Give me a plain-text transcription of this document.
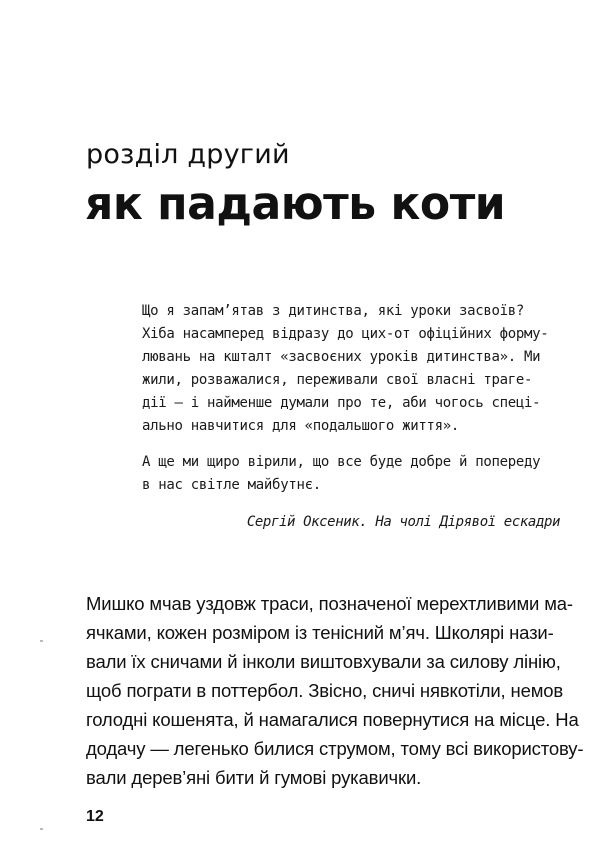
розділ другий
як падають коти
Що я запам’ятав з дитинства, які уроки засвоїв?
Хіба насамперед відразу до цих-от офіційних форму-
лювань на кшталт «засвоєних уроків дитинства». Ми
жили, розважалися, переживали свої власні траге-
дії — і найменше думали про те, аби чогось спеці-
ально навчитися для «подальшого життя».
А ще ми щиро вірили, що все буде добре й попереду
в нас світле майбутнє.
Сергій Оксеник. На чолі Дірявої ескадри
Мишко мчав уздовж траси, позначеної мерехтливими ма-
ячками, кожен розміром із тенісний м’яч. Школярі нази-
вали їх сничами й інколи виштовхували за силову лінію,
щоб пограти в поттербол. Звісно, сничі нявкотіли, немов
голодні кошенята, й намагалися повернутися на місце. На
додачу — легенько билися струмом, тому всі використову-
вали дерев’яні бити й гумові рукавички.
12
